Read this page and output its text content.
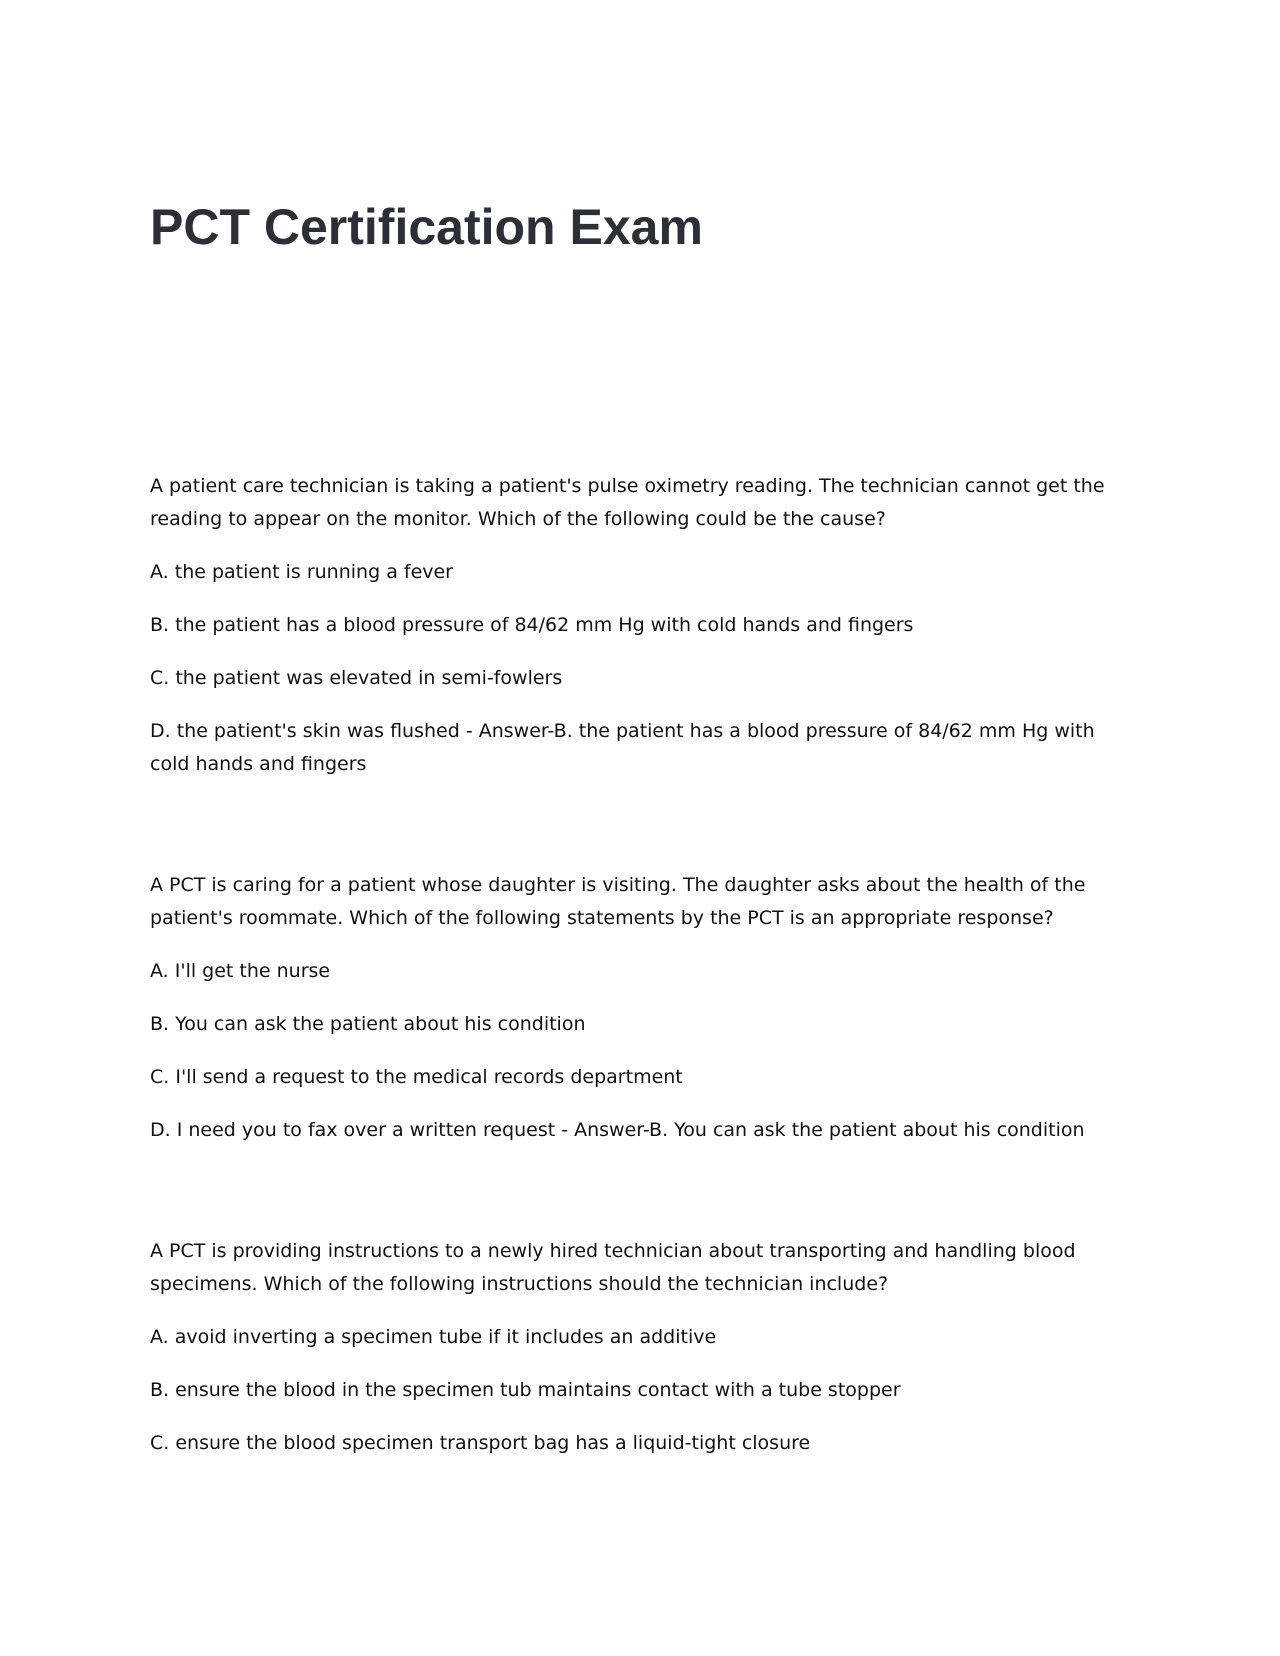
PCT Certification Exam

A patient care technician is taking a patient's pulse oximetry reading. The technician cannot get the reading to appear on the monitor. Which of the following could be the cause?

A. the patient is running a fever

B. the patient has a blood pressure of 84/62 mm Hg with cold hands and fingers

C. the patient was elevated in semi-fowlers

D. the patient's skin was flushed - Answer-B. the patient has a blood pressure of 84/62 mm Hg with cold hands and fingers

A PCT is caring for a patient whose daughter is visiting. The daughter asks about the health of the patient's roommate. Which of the following statements by the PCT is an appropriate response?

A. I'll get the nurse

B. You can ask the patient about his condition

C. I'll send a request to the medical records department

D. I need you to fax over a written request - Answer-B. You can ask the patient about his condition

A PCT is providing instructions to a newly hired technician about transporting and handling blood specimens. Which of the following instructions should the technician include?

A. avoid inverting a specimen tube if it includes an additive

B. ensure the blood in the specimen tub maintains contact with a tube stopper

C. ensure the blood specimen transport bag has a liquid-tight closure
